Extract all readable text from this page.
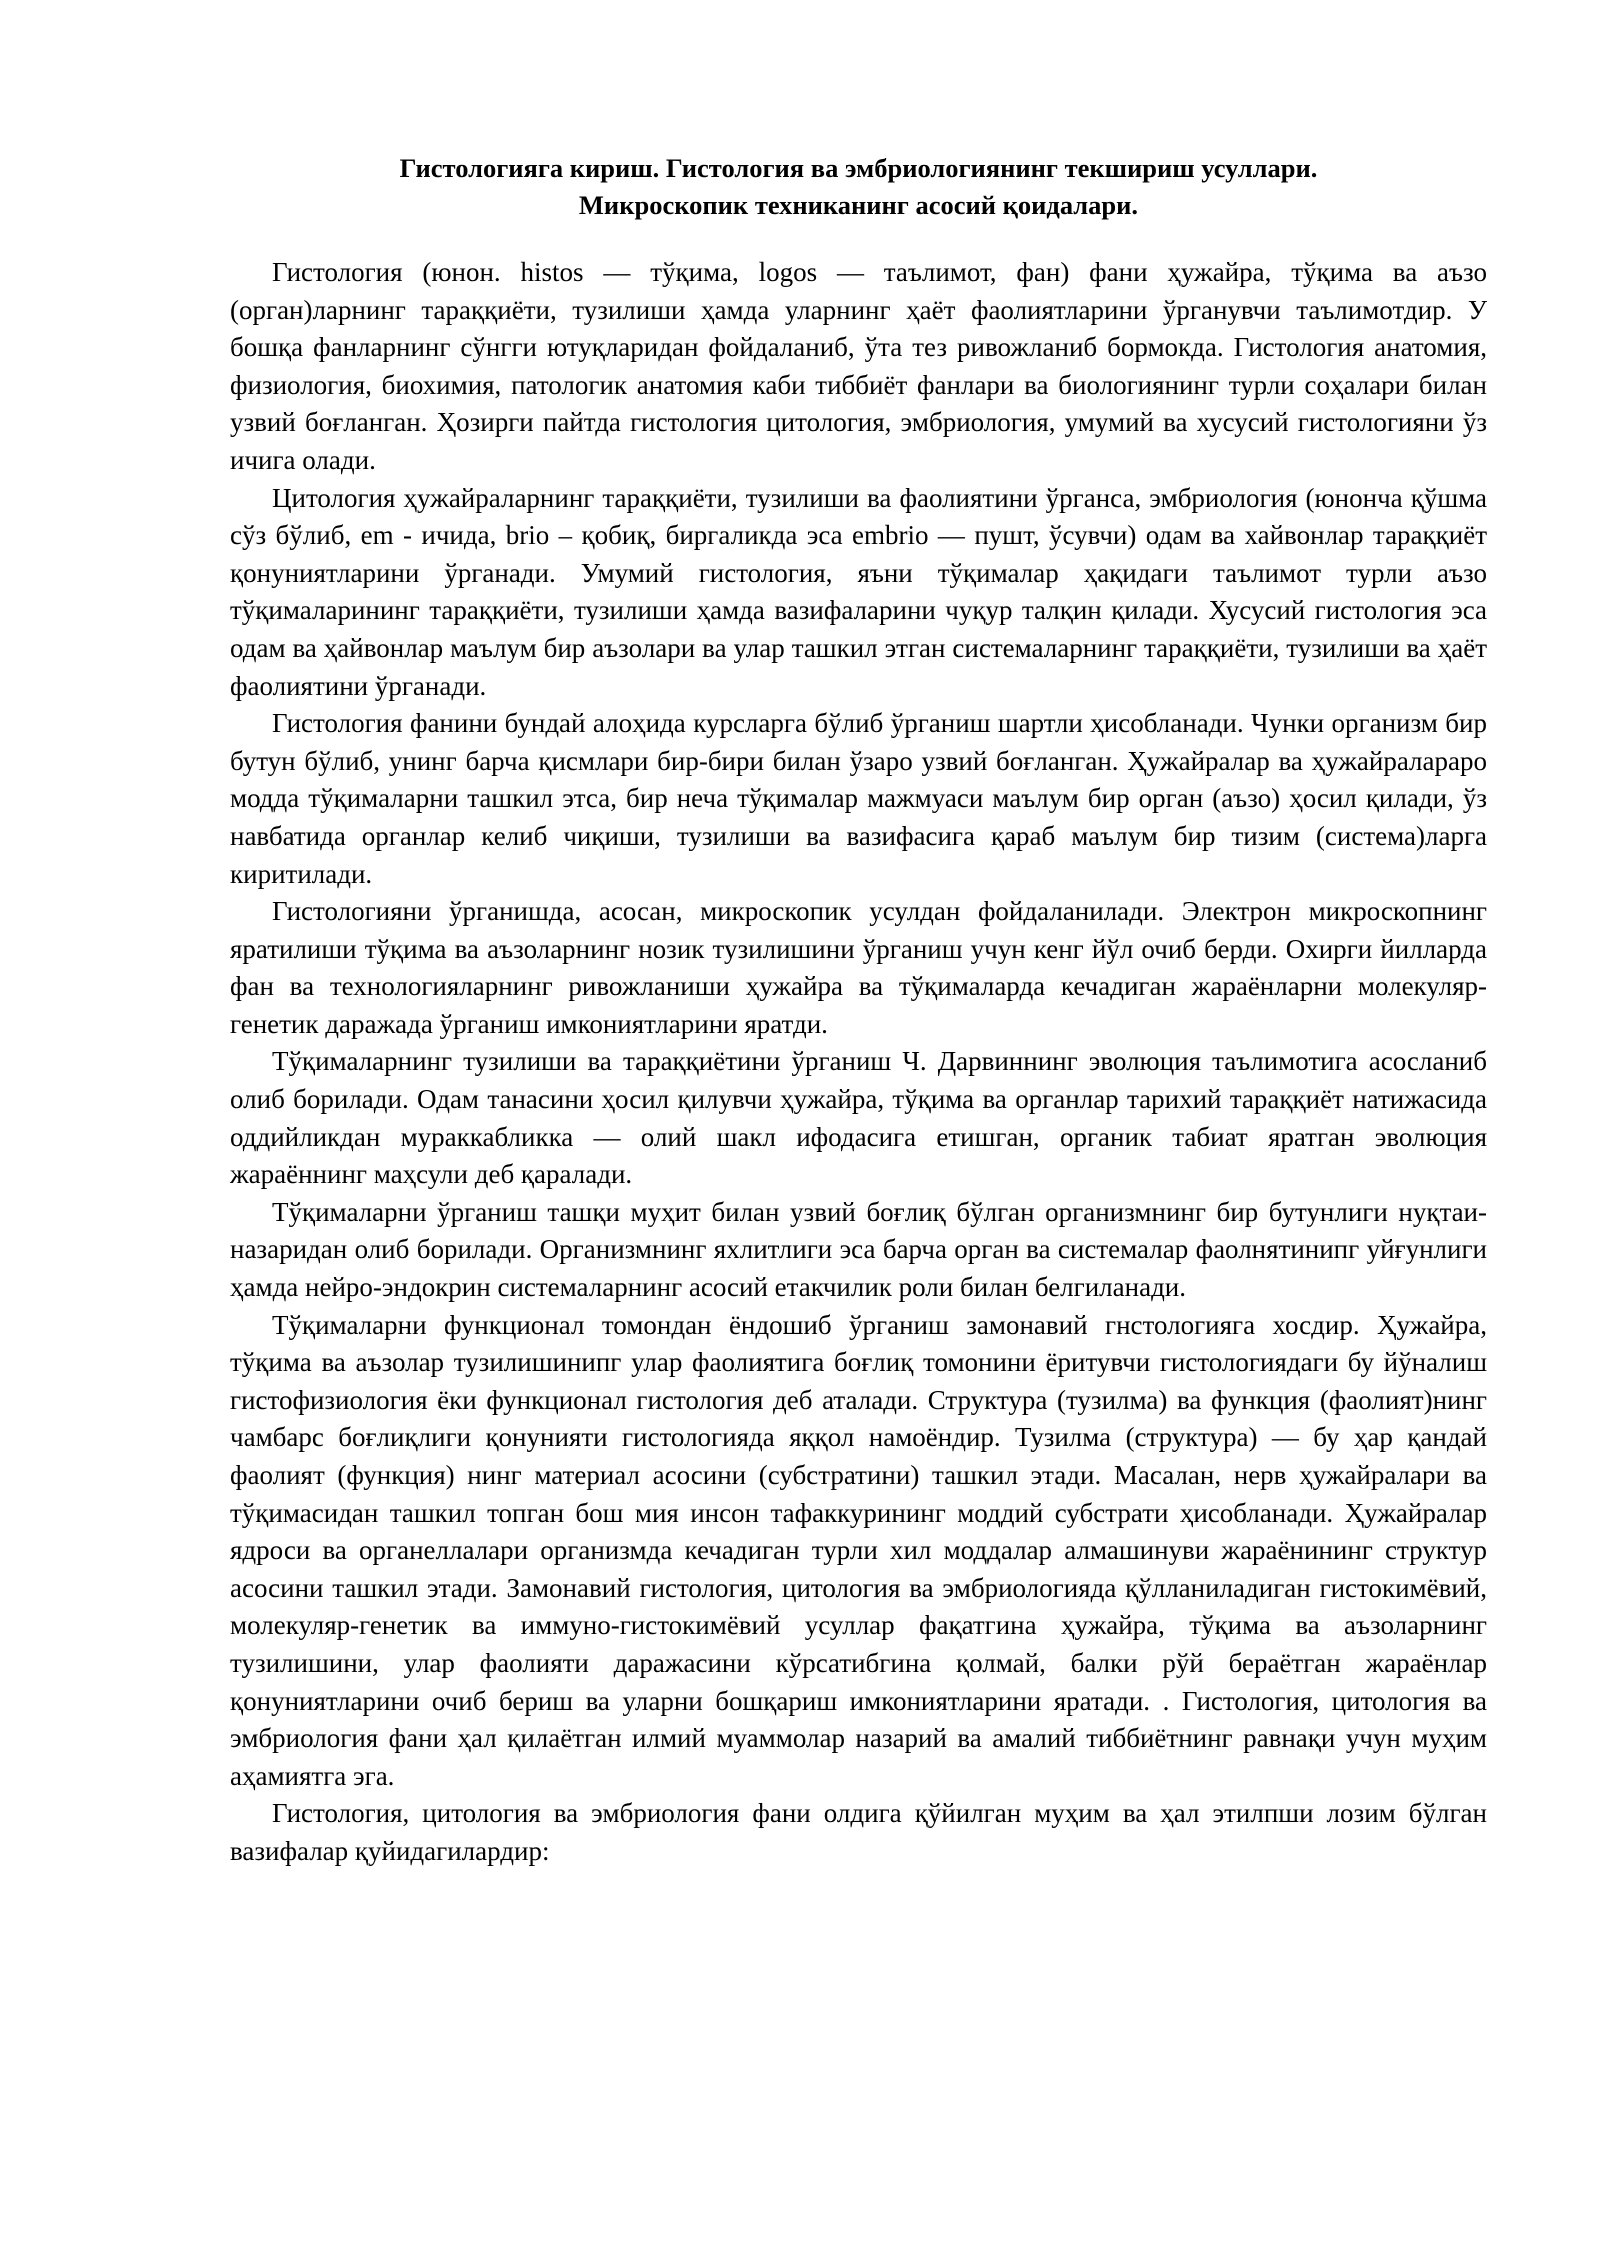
Гистологияга кириш. Гистология ва эмбриологиянинг текшириш усуллари.
Микроскопик техниканинг асосий қоидалари.

Гистология (юнон. histos — тўқима, logos — таълимот, фан) фани ҳужайра, тўқима ва аъзо (орган)ларнинг тараққиёти, тузилиши ҳамда уларнинг ҳаёт фаолиятларини ўрганувчи таълимотдир. У бошқа фанларнинг сўнгги ютуқларидан фойдаланиб, ўта тез ривожланиб бормокда. Гистология анатомия, физиология, биохимия, патологик анатомия каби тиббиёт фанлари ва биологиянинг турли соҳалари билан узвий боғланган. Ҳозирги пайтда гистология цитология, эмбриология, умумий ва хусусий гистологияни ўз ичига олади.

Цитология ҳужайраларнинг тараққиёти, тузилиши ва фаолиятини ўрганса, эмбриология (юнонча қўшма сўз бўлиб, em - ичида, brio – қобиқ, биргаликда эса embrio — пушт, ўсувчи) одам ва хайвонлар тараққиёт қонуниятларини ўрганади. Умумий гистология, яъни тўқималар ҳақидаги таълимот турли аъзо тўқималарининг тараққиёти, тузилиши ҳамда вазифаларини чуқур талқин қилади. Хусусий гистология эса одам ва ҳайвонлар маълум бир аъзолари ва улар ташкил этган системаларнинг тараққиёти, тузилиши ва ҳаёт фаолиятини ўрганади.

Гистология фанини бундай алоҳида курсларга бўлиб ўрганиш шартли ҳисобланади. Чунки организм бир бутун бўлиб, унинг барча қисмлари бир-бири билан ўзаро узвий боғланган. Ҳужайралар ва ҳужайралараро модда тўқималарни ташкил этса, бир неча тўқималар мажмуаси маълум бир орган (аъзо) ҳосил қилади, ўз навбатида органлар келиб чиқиши, тузилиши ва вазифасига қараб маълум бир тизим (система)ларга киритилади.

Гистологияни ўрганишда, асосан, микроскопик усулдан фойдаланилади. Электрон микроскопнинг яратилиши тўқима ва аъзоларнинг нозик тузилишини ўрганиш учун кенг йўл очиб берди. Охирги йилларда фан ва технологияларнинг ривожланиши ҳужайра ва тўқималарда кечадиган жараёнларни молекуляр-генетик даражада ўрганиш имкониятларини яратди.

Тўқималарнинг тузилиши ва тараққиётини ўрганиш Ч. Дарвиннинг эволюция таълимотига асосланиб олиб борилади. Одам танасини ҳосил қилувчи ҳужайра, тўқима ва органлар тарихий тараққиёт натижасида оддийликдан мураккабликка — олий шакл ифодасига етишган, органик табиат яратган эволюция жараённинг маҳсули деб қаралади.

Тўқималарни ўрганиш ташқи муҳит билан узвий боғлиқ бўлган организмнинг бир бутунлиги нуқтаи-назаридан олиб борилади. Организмнинг яхлитлиги эса барча орган ва системалар фаолнятинипг уйғунлиги ҳамда нейро-эндокрин системаларнинг асосий етакчилик роли билан белгиланади.

Тўқималарни функционал томондан ёндошиб ўрганиш замонавий гнстологияга хосдир. Ҳужайра, тўқима ва аъзолар тузилишинипг улар фаолиятига боғлиқ томонини ёритувчи гистологиядаги бу йўналиш гистофизиология ёки функционал гистология деб аталади. Структура (тузилма) ва функция (фаолият)нинг чамбарс боғлиқлиги қонунияти гистологияда яққол намоёндир. Тузилма (структура) — бу ҳар қандай фаолият (функция) нинг материал асосини (субстратини) ташкил этади. Масалан, нерв ҳужайралари ва тўқимасидан ташкил топган бош мия инсон тафаккурининг моддий субстрати ҳисобланади. Ҳужайралар ядроси ва органеллалари организмда кечадиган турли хил моддалар алмашинуви жараёнининг структур асосини ташкил этади. Замонавий гистология, цитология ва эмбриологияда қўлланиладиган гистокимёвий, молекуляр-генетик ва иммуно-гистокимёвий усуллар фақатгина ҳужайра, тўқима ва аъзоларнинг тузилишини, улар фаолияти даражасини кўрсатибгина қолмай, балки рўй бераётган жараёнлар қонуниятларини очиб бериш ва уларни бошқариш имкониятларини яратади. . Гистология, цитология ва эмбриология фани ҳал қилаётган илмий муаммолар назарий ва амалий тиббиётнинг равнақи учун муҳим аҳамиятга эга.

Гистология, цитология ва эмбриология фани олдига қўйилган муҳим ва ҳал этилпши лозим бўлган вазифалар қуйидагилардир:
